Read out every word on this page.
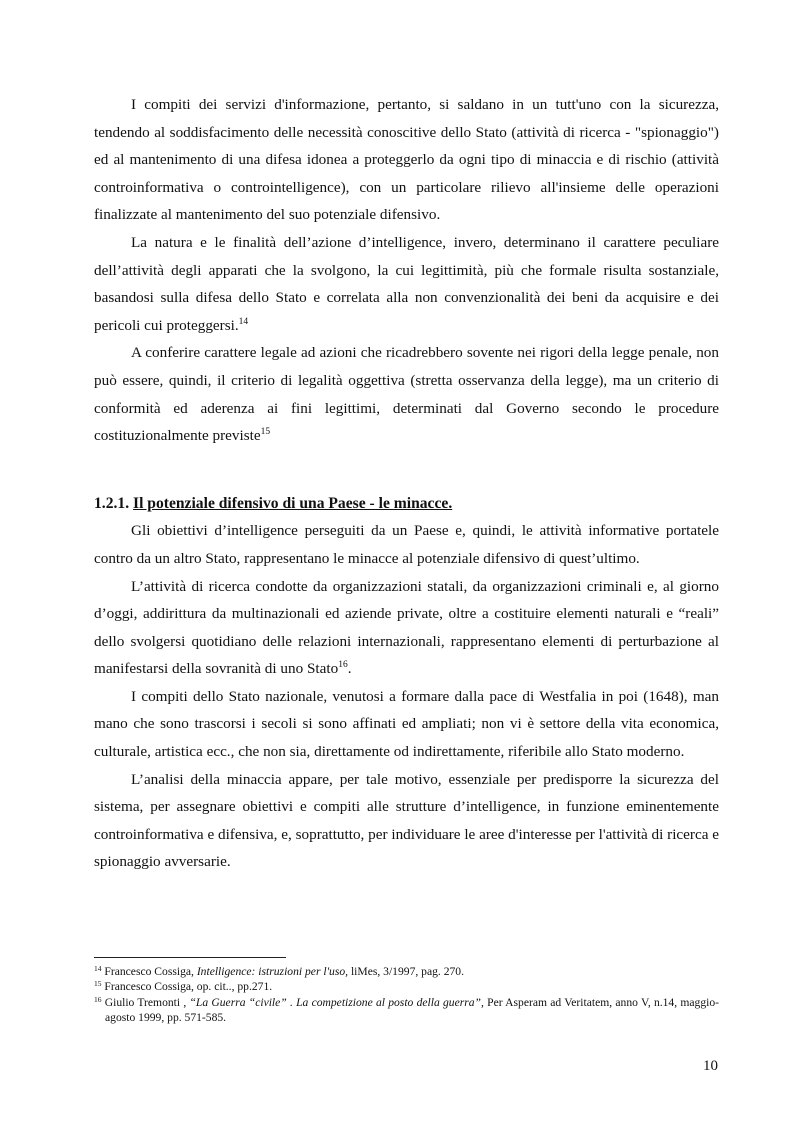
I compiti dei servizi d'informazione, pertanto, si saldano in un tutt'uno con la sicurezza, tendendo al soddisfacimento delle necessità conoscitive dello Stato (attività di ricerca - "spionaggio") ed al mantenimento di una difesa idonea a proteggerlo da ogni tipo di minaccia e di rischio (attività controinformativa o controintelligence), con un particolare rilievo all'insieme delle operazioni finalizzate al mantenimento del suo potenziale difensivo.

La natura e le finalità dell’azione d’intelligence, invero, determinano il carattere peculiare dell’attività degli apparati che la svolgono, la cui legittimità, più che formale risulta sostanziale, basandosi sulla difesa dello Stato e correlata alla non convenzionalità dei beni da acquisire e dei pericoli cui proteggersi.$^{14}$

A conferire carattere legale ad azioni che ricadrebbero sovente nei rigori della legge penale, non può essere, quindi, il criterio di legalità oggettiva (stretta osservanza della legge), ma un criterio di conformità ed aderenza ai fini legittimi, determinati dal Governo secondo le procedure costituzionalmente previste$^{15}$

1.2.1. Il potenziale difensivo di una Paese - le minacce.

Gli obiettivi d’intelligence perseguiti da un Paese e, quindi, le attività informative portatele contro da un altro Stato, rappresentano le minacce al potenziale difensivo di quest’ultimo.

L’attività di ricerca condotte da organizzazioni statali, da organizzazioni criminali e, al giorno d’oggi, addirittura da multinazionali ed aziende private, oltre a costituire elementi naturali e “reali” dello svolgersi quotidiano delle relazioni internazionali, rappresentano elementi di perturbazione al manifestarsi della sovranità di uno Stato$^{16}$.

I compiti dello Stato nazionale, venutosi a formare dalla pace di Westfalia in poi (1648), man mano che sono trascorsi i secoli si sono affinati ed ampliati; non vi è settore della vita economica, culturale, artistica ecc., che non sia, direttamente od indirettamente, riferibile allo Stato moderno.

L’analisi della minaccia appare, per tale motivo, essenziale per predisporre la sicurezza del sistema, per assegnare obiettivi e compiti alle strutture d’intelligence, in funzione eminentemente controinformativa e difensiva, e, soprattutto, per individuare le aree d'interesse per l'attività di ricerca e spionaggio avversarie.

$^{14}$ Francesco Cossiga, Intelligence: istruzioni per l'uso, liMes, 3/1997, pag. 270.

$^{15}$ Francesco Cossiga, op. cit.., pp.271.

$^{16}$ Giulio Tremonti , “La Guerra “civile” . La competizione al posto della guerra”, Per Asperam ad Veritatem, anno V, n.14, maggio- agosto 1999, pp. 571-585.

10
